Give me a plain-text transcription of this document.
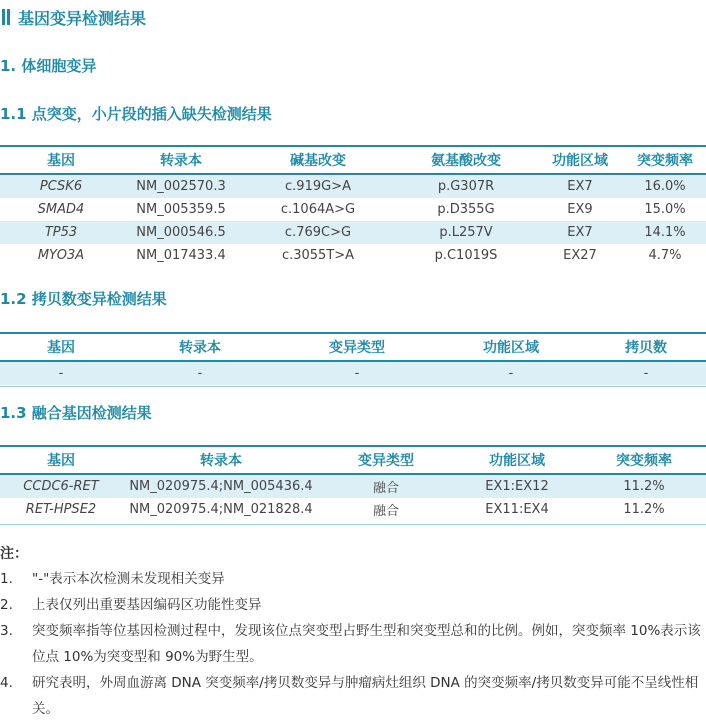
基因变异检测结果
1. 体细胞变异
1.1 点突变，小片段的插入缺失检测结果
基因	转录本	碱基改变	氨基酸改变	功能区域	突变频率
PCSK6	NM_002570.3	c.919G>A	p.G307R	EX7	16.0%
SMAD4	NM_005359.5	c.1064A>G	p.D355G	EX9	15.0%
TP53	NM_000546.5	c.769C>G	p.L257V	EX7	14.1%
MYO3A	NM_017433.4	c.3055T>A	p.C1019S	EX27	4.7%
1.2 拷贝数变异检测结果
基因	转录本	变异类型	功能区域	拷贝数
-	-	-	-	-
1.3 融合基因检测结果
基因	转录本	变异类型	功能区域	突变频率
CCDC6-RET	NM_020975.4;NM_005436.4	融合	EX1:EX12	11.2%
RET-HPSE2	NM_020975.4;NM_021828.4	融合	EX11:EX4	11.2%
注：
1.	"-"表示本次检测未发现相关变异
2.	上表仅列出重要基因编码区功能性变异
3.	突变频率指等位基因检测过程中，发现该位点突变型占野生型和突变型总和的比例。例如，突变频率 10%表示该位点 10%为突变型和 90%为野生型。
4.	研究表明，外周血游离 DNA 突变频率/拷贝数变异与肿瘤病灶组织 DNA 的突变频率/拷贝数变异可能不呈线性相关。
